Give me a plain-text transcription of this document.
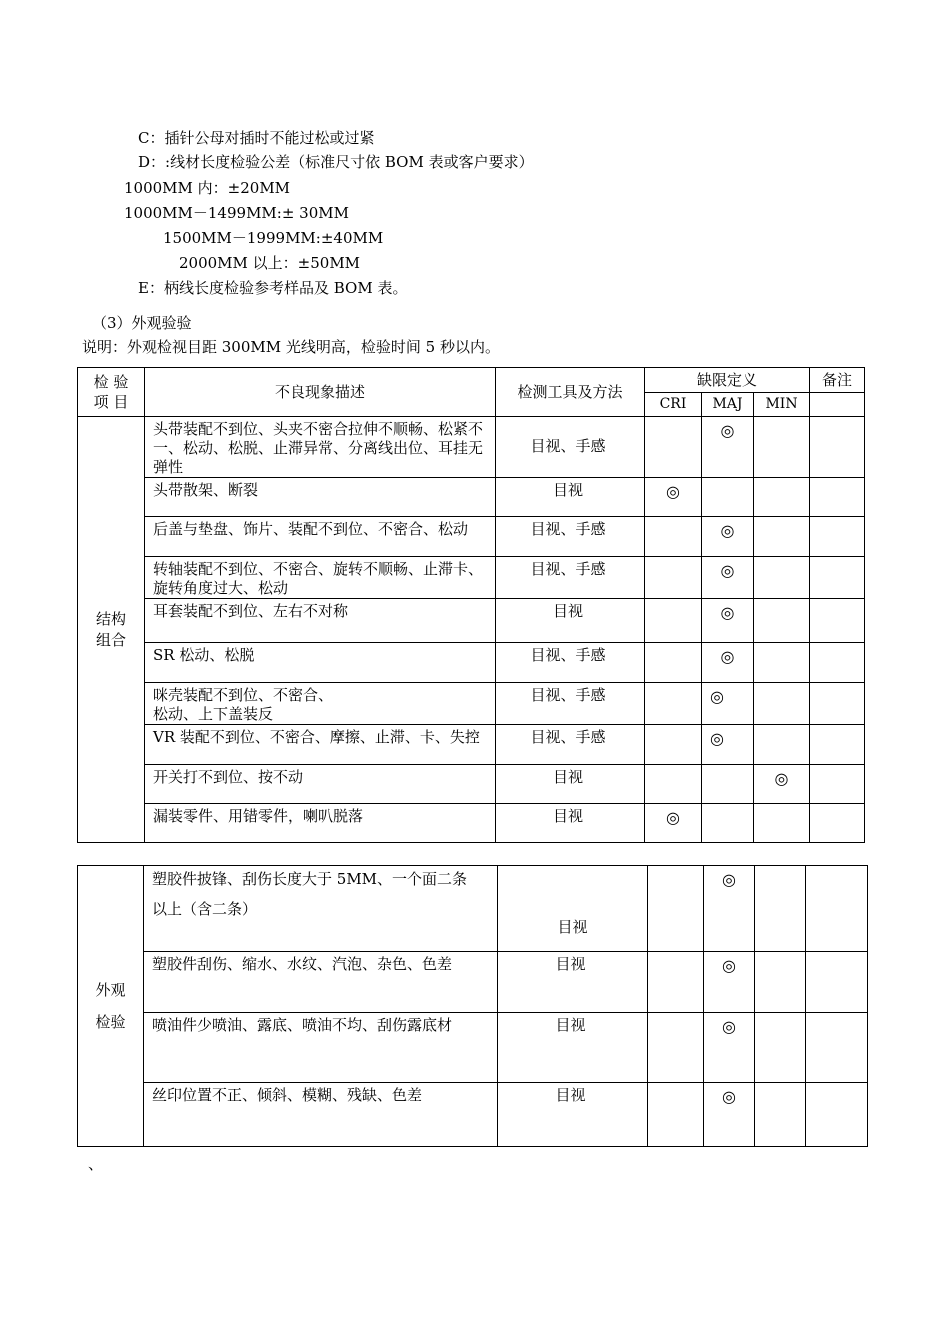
C：插针公母对插时不能过松或过紧
D：:线材长度检验公差（标准尺寸依 BOM 表或客户要求）
1000MM 内：±20MM
1000MM－1499MM:± 30MM
1500MM－1999MM:±40MM
2000MM 以上：±50MM
E：柄线长度检验参考样品及 BOM 表。
（3）外观验验
说明：外观检视目距 300MM 光线明高，检验时间 5 秒以内。
检 验
项 目	不良现象描述	检测工具及方法	缺限定义			备注
			CRI	MAJ	MIN	
结构
组合	头带装配不到位、头夹不密合拉伸不顺畅、松紧不一、松动、松脱、止滞异常、分离线出位、耳挂无弹性	目视、手感		◎		
	头带散架、断裂	目视	◎			
	后盖与垫盘、饰片、装配不到位、不密合、松动	目视、手感		◎		
	转轴装配不到位、不密合、旋转不顺畅、止滞卡、旋转角度过大、松动	目视、手感		◎		
	耳套装配不到位、左右不对称	目视		◎		
	SR 松动、松脱	目视、手感		◎		
	咪壳装配不到位、不密合、
松动、上下盖装反	目视、手感		◎		
	VR 装配不到位、不密合、摩擦、止滞、卡、失控	目视、手感		◎		
	开关打不到位、按不动	目视			◎	
	漏装零件、用错零件，喇叭脱落	目视	◎			
外观

检验	塑胶件披锋、刮伤长度大于 5MM、一个面二条

以上（含二条）	目视		◎		
	塑胶件刮伤、缩水、水纹、汽泡、杂色、色差	目视		◎		
	喷油件少喷油、露底、喷油不均、刮伤露底材	目视		◎		
	丝印位置不正、倾斜、模糊、残缺、色差	目视		◎		
、
